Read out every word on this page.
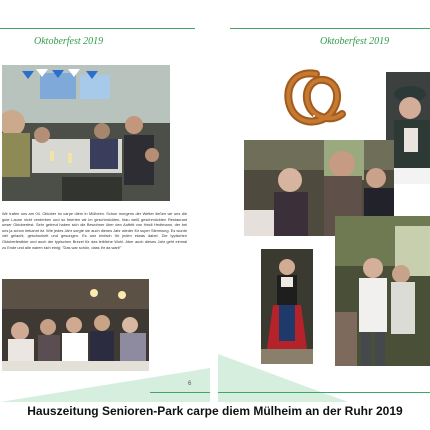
Oktoberfest 2019

Wir trafen uns am 04. Oktober im carpe diem in Mülheim. Schon morgens der Wetter ließen wir uns die gute Laune nicht verderben und so feierten wir im geschmückten, blau weiß geschmückten Restaurant unser Oktoberfest. Sehr gefreut haben sich die Bewohner über den Auftritt von Heidi Hedtmann, der bei uns ja schon bekannt ist. Wie jedes Jahr sorgte sie auch dieses Jahr wieder für super Stimmung. Es wurde viel gelacht, geschunkelt und gesungen. Es war einfach für jeden etwas dabei. Die typischen Oktoberfestbier und auch der typischen Brezel für das leibliche Wohl. Aber auch dieses Jahr geht einmal zu Ende und alle waren sich einig: "Das war schön, dass ihr da wart!"

6
Oktoberfest 2019
Hauszeitung Senioren-Park carpe diem Mülheim an der Ruhr 2019
